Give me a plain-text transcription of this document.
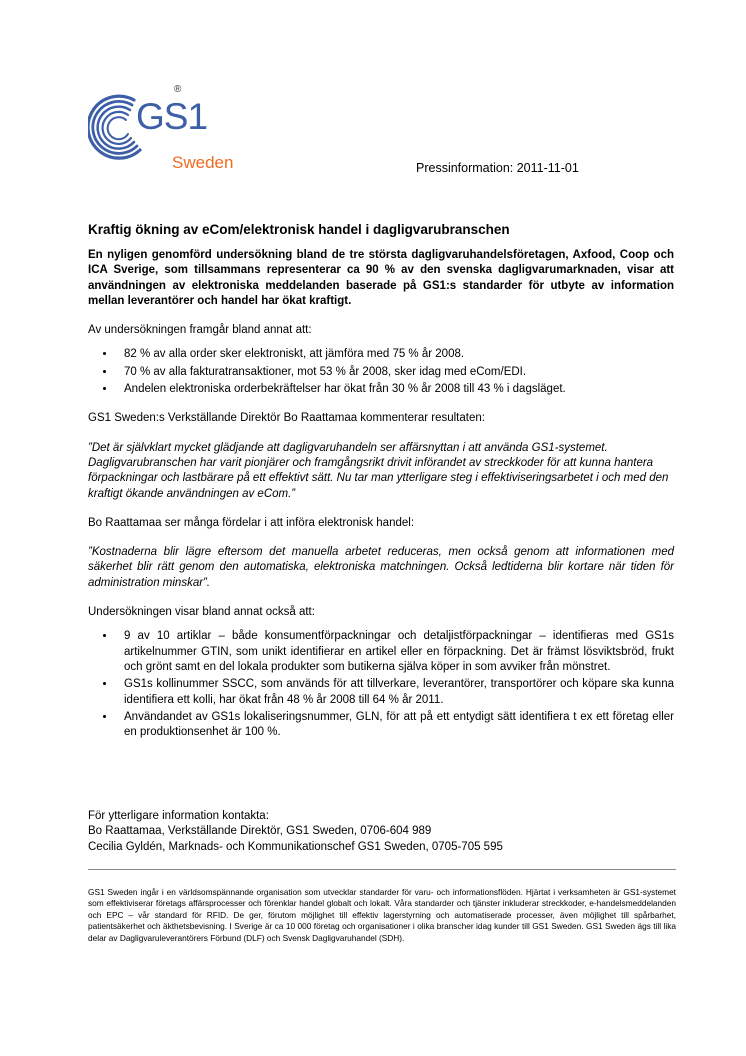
GS1
®
Sweden	Pressinformation: 2011-11-01
Kraftig ökning av eCom/elektronisk handel i dagligvarubranschen

En nyligen genomförd undersökning bland de tre största dagligvaruhandelsföretagen, Axfood, Coop och ICA Sverige, som tillsammans representerar ca 90 % av den svenska dagligvarumarknaden, visar att användningen av elektroniska meddelanden baserade på GS1:s standarder för utbyte av information mellan leverantörer och handel har ökat kraftigt.

Av undersökningen framgår bland annat att:

• 82 % av alla order sker elektroniskt, att jämföra med 75 % år 2008.
• 70 % av alla fakturatransaktioner, mot 53 % år 2008, sker idag med eCom/EDI.
• Andelen elektroniska orderbekräftelser har ökat från 30 % år 2008 till 43 % i dagsläget.

GS1 Sweden:s Verkställande Direktör Bo Raattamaa kommenterar resultaten:

”Det är självklart mycket glädjande att dagligvaruhandeln ser affärsnyttan i att använda GS1-systemet. Dagligvarubranschen har varit pionjärer och framgångsrikt drivit införandet av streckkoder för att kunna hantera förpackningar och lastbärare på ett effektivt sätt. Nu tar man ytterligare steg i effektiviseringsarbetet i och med den kraftigt ökande användningen av eCom.”

Bo Raattamaa ser många fördelar i att införa elektronisk handel:

”Kostnaderna blir lägre eftersom det manuella arbetet reduceras, men också genom att informationen med säkerhet blir rätt genom den automatiska, elektroniska matchningen. Också ledtiderna blir kortare när tiden för administration minskar”.

Undersökningen visar bland annat också att:

• 9 av 10 artiklar – både konsumentförpackningar och detaljistförpackningar – identifieras med GS1s artikelnummer GTIN, som unikt identifierar en artikel eller en förpackning. Det är främst lösviktsbröd, frukt och grönt samt en del lokala produkter som butikerna själva köper in som avviker från mönstret.
• GS1s kollinummer SSCC, som används för att tillverkare, leverantörer, transportörer och köpare ska kunna identifiera ett kolli, har ökat från 48 % år 2008 till 64 % år 2011.
• Användandet av GS1s lokaliseringsnummer, GLN, för att på ett entydigt sätt identifiera t ex ett företag eller en produktionsenhet är 100 %.

För ytterligare information kontakta:

Bo Raattamaa, Verkställande Direktör, GS1 Sweden, 0706-604 989

Cecilia Gyldén, Marknads- och Kommunikationschef GS1 Sweden, 0705-705 595

GS1 Sweden ingår i en världsomspännande organisation som utvecklar standarder för varu- och informationsflöden. Hjärtat i verksamheten är GS1-systemet som effektiviserar företags affärsprocesser och förenklar handel globalt och lokalt. Våra standarder och tjänster inkluderar streckkoder, e-handelsmeddelanden och EPC – vår standard för RFID. De ger, förutom möjlighet till effektiv lagerstyrning och automatiserade processer, även möjlighet till spårbarhet, patientsäkerhet och äkthetsbevisning. I Sverige är ca 10 000 företag och organisationer i olika branscher idag kunder till GS1 Sweden. GS1 Sweden ägs till lika delar av Dagligvaruleverantörers Förbund (DLF) och Svensk Dagligvaruhandel (SDH).
